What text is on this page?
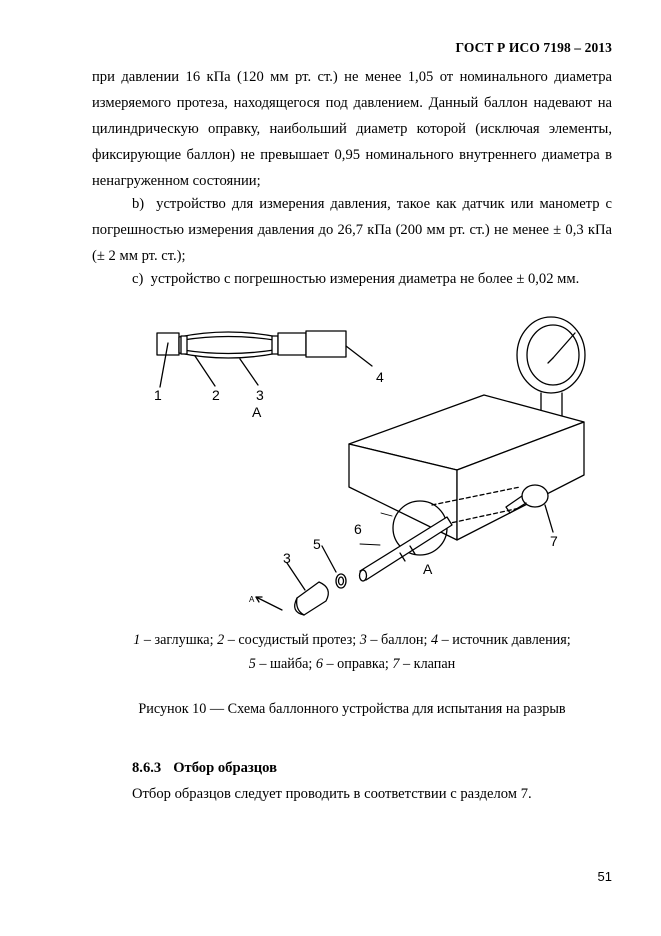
ГОСТ Р ИСО 7198 – 2013
при давлении 16 кПа (120 мм рт. ст.) не менее 1,05 от номинального диаметра измеряемого протеза, находящегося под давлением. Данный баллон надевают на цилиндрическую оправку, наибольший диаметр которой (исключая элементы, фиксирующие баллон) не превышает 0,95 номинального внутреннего диаметра в ненагруженном состоянии;
b) устройство для измерения давления, такое как датчик или манометр с погрешностью измерения давления до 26,7 кПа (200 мм рт. ст.) не менее ± 0,3 кПа (± 2 мм рт. ст.);
c) устройство с погрешностью измерения диаметра не более ± 0,02 мм.
1	2	3
4
А
6
5
3
7
А
A
1 – заглушка; 2 – сосудистый протез; 3 – баллон; 4 – источник давления;
5 – шайба; 6 – оправка; 7 – клапан
Рисунок 10 — Схема баллонного устройства для испытания на разрыв
8.6.3 Отбор образцов
Отбор образцов следует проводить в соответствии с разделом 7.
51
